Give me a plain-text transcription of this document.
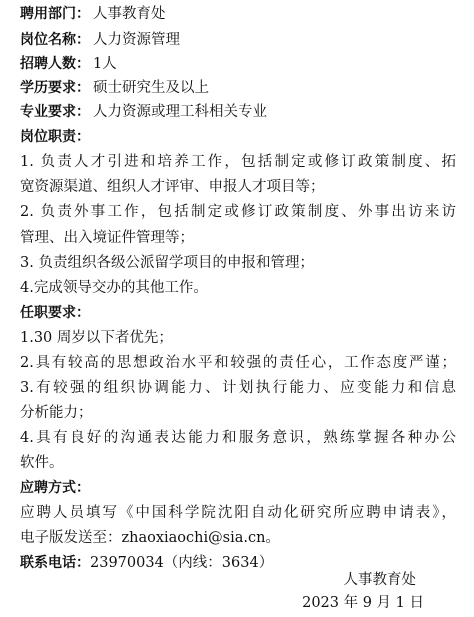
聘用部门： 人事教育处
岗位名称： 人力资源管理
招聘人数： 1人
学历要求： 硕士研究生及以上
专业要求： 人力资源或理工科相关专业
岗位职责：
1. 负责人才引进和培养工作，包括制定或修订政策制度、拓
宽资源渠道、组织人才评审、申报人才项目等；
2. 负责外事工作，包括制定或修订政策制度、外事出访来访
管理、出入境证件管理等；
3. 负责组织各级公派留学项目的申报和管理；
4.完成领导交办的其他工作。
任职要求：
1.30 周岁以下者优先；
2.具有较高的思想政治水平和较强的责任心，工作态度严谨；
3.有较强的组织协调能力、计划执行能力、应变能力和信息
分析能力；
4.具有良好的沟通表达能力和服务意识，熟练掌握各种办公
软件。
应聘方式：
应聘人员填写《中国科学院沈阳自动化研究所应聘申请表》，
电子版发送至：zhaoxiaochi@sia.cn。
联系电话：23970034（内线：3634）
人事教育处
2023 年 9 月 1 日
